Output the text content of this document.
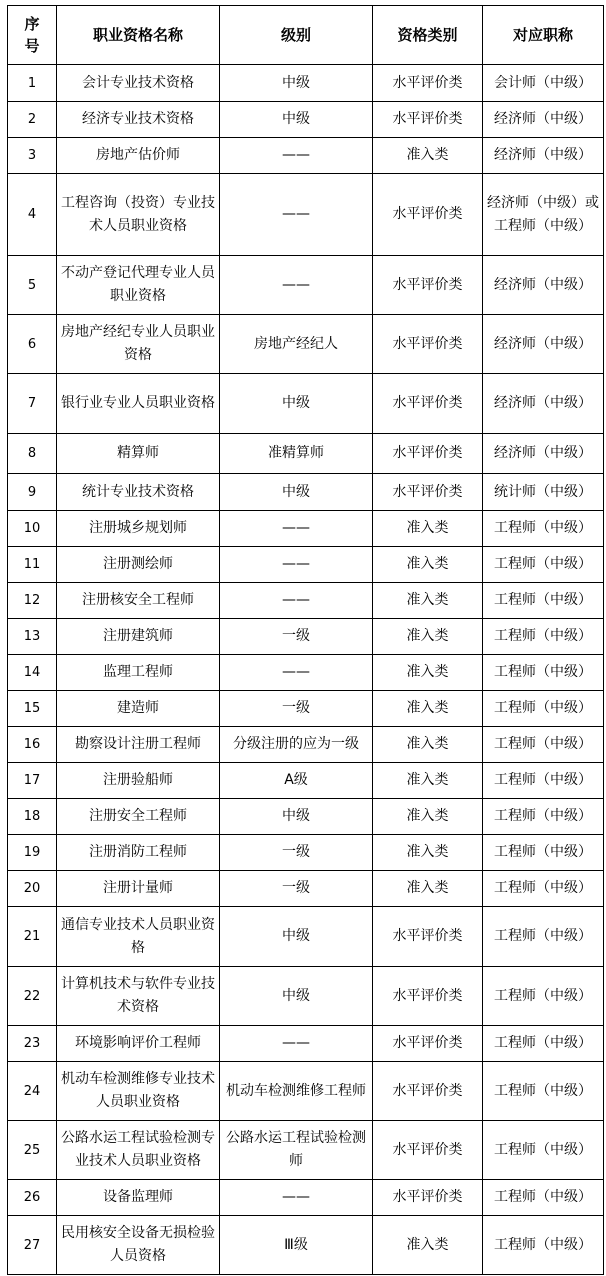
序号	职业资格名称	级别	资格类别	对应职称
1	会计专业技术资格	中级	水平评价类	会计师（中级）
2	经济专业技术资格	中级	水平评价类	经济师（中级）
3	房地产估价师	——	准入类	经济师（中级）
4	工程咨询（投资）专业技术人员职业资格	——	水平评价类	经济师（中级）或工程师（中级）
5	不动产登记代理专业人员职业资格	——	水平评价类	经济师（中级）
6	房地产经纪专业人员职业资格	房地产经纪人	水平评价类	经济师（中级）
7	银行业专业人员职业资格	中级	水平评价类	经济师（中级）
8	精算师	准精算师	水平评价类	经济师（中级）
9	统计专业技术资格	中级	水平评价类	统计师（中级）
10	注册城乡规划师	——	准入类	工程师（中级）
11	注册测绘师	——	准入类	工程师（中级）
12	注册核安全工程师	——	准入类	工程师（中级）
13	注册建筑师	一级	准入类	工程师（中级）
14	监理工程师	——	准入类	工程师（中级）
15	建造师	一级	准入类	工程师（中级）
16	勘察设计注册工程师	分级注册的应为一级	准入类	工程师（中级）
17	注册验船师	A级	准入类	工程师（中级）
18	注册安全工程师	中级	准入类	工程师（中级）
19	注册消防工程师	一级	准入类	工程师（中级）
20	注册计量师	一级	准入类	工程师（中级）
21	通信专业技术人员职业资格	中级	水平评价类	工程师（中级）
22	计算机技术与软件专业技术资格	中级	水平评价类	工程师（中级）
23	环境影响评价工程师	——	水平评价类	工程师（中级）
24	机动车检测维修专业技术人员职业资格	机动车检测维修工程师	水平评价类	工程师（中级）
25	公路水运工程试验检测专业技术人员职业资格	公路水运工程试验检测师	水平评价类	工程师（中级）
26	设备监理师	——	水平评价类	工程师（中级）
27	民用核安全设备无损检验人员资格	Ⅲ级	准入类	工程师（中级）
